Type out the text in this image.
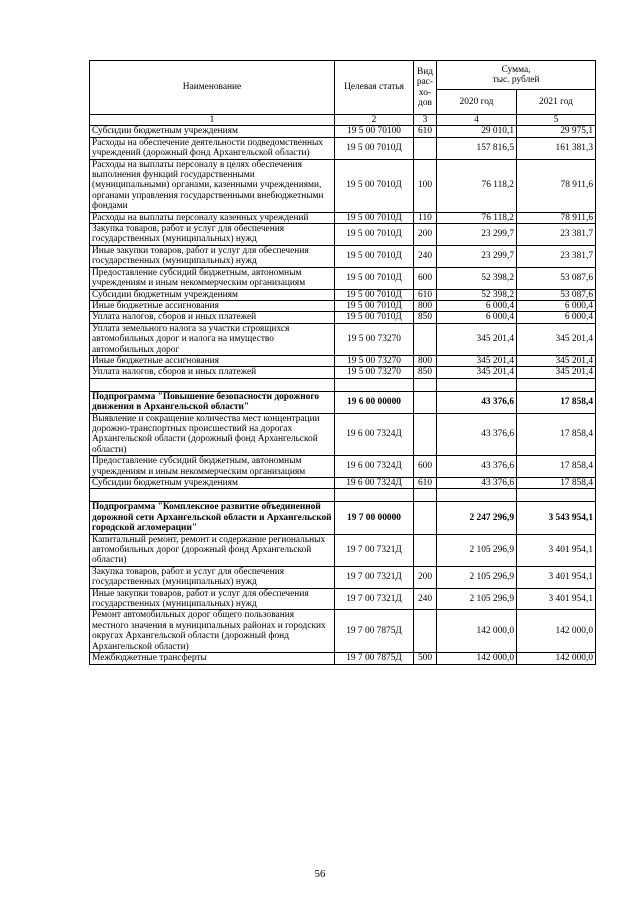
Наименование	Целевая статья	Вид
рас-
хо-
дов	Сумма,
тыс. рублей	
			2020 год	2021 год
1	2	3	4	5
Субсидии бюджетным учреждениям	19 5 00 70100	610	29 010,1	29 975,1
Расходы на обеспечение деятельности подведомственных учреждений (дорожный фонд Архангельской области)	19 5 00 7010Д		157 816,5	161 381,3
Расходы на выплаты персоналу в целях обеспечения выполнения функций государственными (муниципальными) органами, казенными учреждениями, органами управления государственными внебюджетными фондами	19 5 00 7010Д	100	76 118,2	78 911,6
Расходы на выплаты персоналу казенных учреждений	19 5 00 7010Д	110	76 118,2	78 911,6
Закупка товаров, работ и услуг для обеспечения государственных (муниципальных) нужд	19 5 00 7010Д	200	23 299,7	23 381,7
Иные закупки товаров, работ и услуг для обеспечения государственных (муниципальных) нужд	19 5 00 7010Д	240	23 299,7	23 381,7
Предоставление субсидий бюджетным, автономным учреждениям и иным некоммерческим организациям	19 5 00 7010Д	600	52 398,2	53 087,6
Субсидии бюджетным учреждениям	19 5 00 7010Д	610	52 398,2	53 087,6
Иные бюджетные ассигнования	19 5 00 7010Д	800	6 000,4	6 000,4
Уплата налогов, сборов и иных платежей	19 5 00 7010Д	850	6 000,4	6 000,4
Уплата земельного налога за участки строящихся автомобильных дорог и налога на имущество автомобильных дорог	19 5 00 73270		345 201,4	345 201,4
Иные бюджетные ассигнования	19 5 00 73270	800	345 201,4	345 201,4
Уплата налогов, сборов и иных платежей	19 5 00 73270	850	345 201,4	345 201,4

Подпрограмма "Повышение безопасности дорожного движения в Архангельской области"	19 6 00 00000		43 376,6	17 858,4
Выявление и сокращение количества мест концентрации дорожно-транспортных происшествий на дорогах Архангельской области (дорожный фонд Архангельской области)	19 6 00 7324Д		43 376,6	17 858,4
Предоставление субсидий бюджетным, автономным учреждениям и иным некоммерческим организациям	19 6 00 7324Д	600	43 376,6	17 858,4
Субсидии бюджетным учреждениям	19 6 00 7324Д	610	43 376,6	17 858,4

Подпрограмма "Комплексное развитие объединенной дорожной сети Архангельской области и Архангельской городской агломерации"	19 7 00 00000		2 247 296,9	3 543 954,1
Капитальный ремонт, ремонт и содержание региональных автомобильных дорог (дорожный фонд Архангельской области)	19 7 00 7321Д		2 105 296,9	3 401 954,1
Закупка товаров, работ и услуг для обеспечения государственных (муниципальных) нужд	19 7 00 7321Д	200	2 105 296,9	3 401 954,1
Иные закупки товаров, работ и услуг для обеспечения государственных (муниципальных) нужд	19 7 00 7321Д	240	2 105 296,9	3 401 954,1
Ремонт автомобильных дорог общего пользования местного значения в муниципальных районах и городских округах Архангельской области (дорожный фонд Архангельской области)	19 7 00 7875Д		142 000,0	142 000,0
Межбюджетные трансферты	19 7 00 7875Д	500	142 000,0	142 000,0
56
